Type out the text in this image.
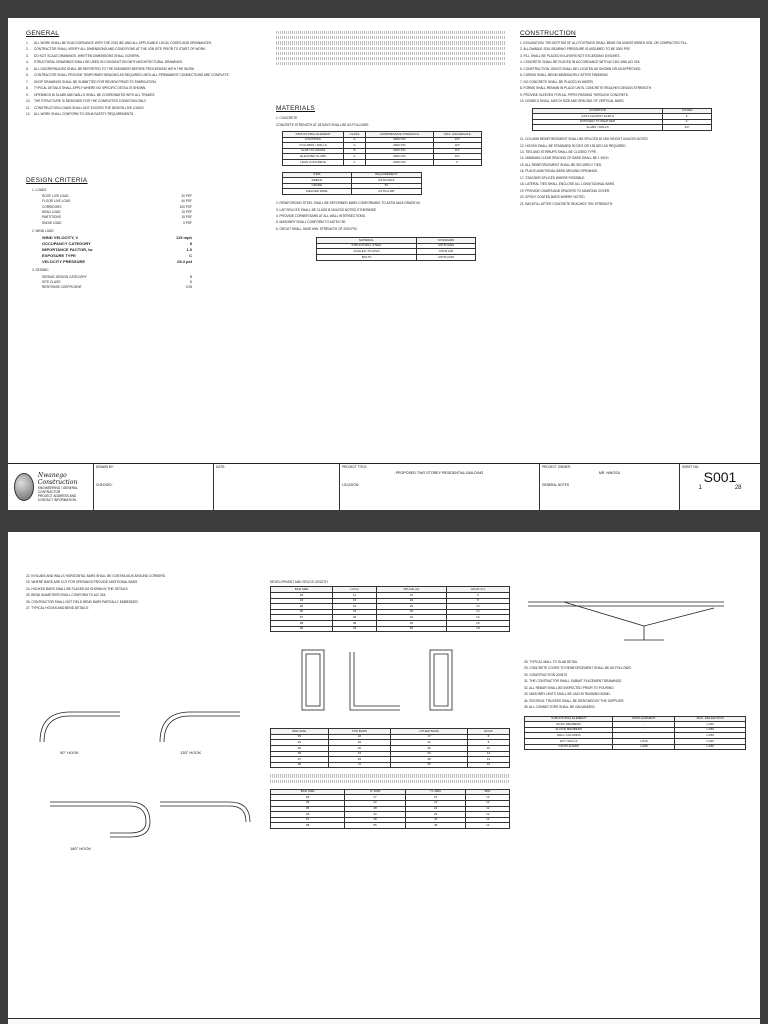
GENERAL
1. ALL WORK SHALL BE IN ACCORDANCE WITH THE 2015 IBC AND ALL APPLICABLE LOCAL CODES AND ORDINANCES.
2. CONTRACTOR SHALL VERIFY ALL DIMENSIONS AND CONDITIONS AT THE JOB SITE PRIOR TO START OF WORK.
3. DO NOT SCALE DRAWINGS. WRITTEN DIMENSIONS SHALL GOVERN.
4. STRUCTURAL DRAWINGS SHALL BE USED IN CONJUNCTION WITH ARCHITECTURAL DRAWINGS.
5. ALL DISCREPANCIES SHALL BE REPORTED TO THE ENGINEER BEFORE PROCEEDING WITH THE WORK.
6. CONTRACTOR SHALL PROVIDE TEMPORARY BRACING AS REQUIRED UNTIL ALL PERMANENT CONNECTIONS ARE COMPLETE.
7. SHOP DRAWINGS SHALL BE SUBMITTED FOR REVIEW PRIOR TO FABRICATION.
8. TYPICAL DETAILS SHALL APPLY WHERE NO SPECIFIC DETAIL IS SHOWN.
9. OPENINGS IN SLABS AND WALLS SHALL BE COORDINATED WITH ALL TRADES.
10. THE STRUCTURE IS DESIGNED FOR THE COMPLETED CONDITION ONLY.
11. CONSTRUCTION LOADS SHALL NOT EXCEED THE DESIGN LIVE LOADS.
12. ALL WORK SHALL CONFORM TO OSHA SAFETY REQUIREMENTS.
DESIGN CRITERIA
1. LOADS
ROOF LIVE LOAD	20 PSF
FLOOR LIVE LOAD	40 PSF
CORRIDORS	100 PSF
DEAD LOAD	15 PSF
PARTITIONS	15 PSF
SNOW LOAD	0 PSF
2. WIND LOAD
WIND VELOCITY, V	115 mph
OCCUPANCY CATEGORY	II
IMPORTANCE FACTOR, Iw	1.0
EXPOSURE TYPE	C
VELOCITY PRESSURE	25.4 psf
3. SEISMIC
SEISMIC DESIGN CATEGORY	B
SITE CLASS	D
RESPONSE COEFFICIENT	0.05
MATERIALS
1. CONCRETE
CONCRETE STRENGTH AT 28 DAYS SHALL BE AS FOLLOWS:
STRUCTURAL ELEMENT	CLASS	COMPRESSIVE STRENGTH	MAX. AGGREGATE
FOOTINGS	A	3000 PSI	3/4"
COLUMNS / WALLS	A	4000 PSI	3/4"
SLAB ON GRADE	B	3000 PSI	3/4"
ELEVATED SLABS	A	4000 PSI	3/4"
LEAN CONCRETE	C	2000 PSI	1"
ITEM	REQUIREMENT
REBAR	ASTM A615
GRADE	60
WELDED WIRE	ASTM A185
2. REINFORCING STEEL SHALL BE DEFORMED BARS CONFORMING TO ASTM A615 GRADE 60.
3. LAP SPLICES SHALL BE CLASS B UNLESS NOTED OTHERWISE.
4. PROVIDE CORNER BARS AT ALL WALL INTERSECTIONS.
5. MASONRY SHALL CONFORM TO ASTM C90.
6. GROUT SHALL HAVE MIN. STRENGTH OF 2000 PSI.
MATERIAL	STANDARD
STRUCTURAL STEEL	ASTM A992
ANGLES / PLATES	ASTM A36
BOLTS	ASTM A325
CONSTRUCTION
1. EXCAVATION: THE BOTTOM OF ALL FOOTINGS SHALL BEAR ON UNDISTURBED SOIL OR COMPACTED FILL.
2. ALLOWABLE SOIL BEARING PRESSURE IS ASSUMED TO BE 2000 PSF.
3. FILL SHALL BE PLACED IN LAYERS NOT EXCEEDING 8 INCHES.
4. CONCRETE SHALL BE PLACED IN ACCORDANCE WITH ACI 301 AND ACI 318.
5. CONSTRUCTION JOINTS SHALL BE LOCATED AS SHOWN OR AS APPROVED.
6. CURING SHALL BEGIN IMMEDIATELY AFTER FINISHING.
7. NO CONCRETE SHALL BE PLACED IN WATER.
8. FORMS SHALL REMAIN IN PLACE UNTIL CONCRETE REACHES DESIGN STRENGTH.
9. PROVIDE SLEEVES FOR ALL PIPES PASSING THROUGH CONCRETE.
10. DOWELS SHALL MATCH SIZE AND SPACING OF VERTICAL BARS.
CONDITION	COVER
CAST AGAINST EARTH	3"
EXPOSED TO WEATHER	2"
SLABS / WALLS	3/4"
11. COLUMN REINFORCEMENT SHALL BE SPLICED AT MID HEIGHT UNLESS NOTED.
12. HOOKS SHALL BE STANDARD 90 DEG OR 135 DEG AS REQUIRED.
13. TIES AND STIRRUPS SHALL BE CLOSED TYPE.
14. MINIMUM CLEAR SPACING OF BARS SHALL BE 1 INCH.
15. ALL REINFORCEMENT SHALL BE SECURELY TIED.
16. PLACE ADDITIONAL BARS AROUND OPENINGS.
17. STAGGER SPLICES WHERE POSSIBLE.
18. LATERAL TIES SHALL ENCLOSE ALL LONGITUDINAL BARS.
19. PROVIDE CHAIRS AND SPACERS TO MAINTAIN COVER.
20. EPOXY COATED BARS WHERE NOTED.
21. BACKFILL AFTER CONCRETE REACHES 75% STRENGTH.
Nwanego Construction
ENGINEERING / GENERAL CONTRACTOR
PROJECT ADDRESS AND CONTACT INFORMATION
DRAWN BY:
CHECKED:
DATE:	PROJECT TITLE:
PROPOSED TWO STOREY RESIDENTIAL BUILDING
LOCATION:
PROJECT OWNER:
MR. NWOSU
GENERAL NOTES
SHEET NO:
S001
1	28
22. IN SLABS AND WALLS HORIZONTAL BARS SHALL BE CONTINUOUS AROUND CORNERS.
23. WHERE BARS ARE CUT FOR OPENINGS PROVIDE ADDITIONAL BARS.
24. HOOKED BARS SHALL BE PLACED AS SHOWN IN THE DETAILS.
25. BEND DIAMETERS SHALL CONFORM TO ACI 318.
26. CONTRACTOR SHALL NOT FIELD BEND BARS PARTIALLY EMBEDDED.
27. TYPICAL HOOKS AND BEND DETAILS:
90° HOOK	135° HOOK
180° HOOK
DEVELOPMENT AND SPLICE LENGTH
BAR SIZE	Ld (in)	SPLICE (in)	HOOK (in)
#3	12	16	6
#4	15	20	8
#5	19	25	10
#6	23	30	12
#7	33	43	14
#8	38	49	16
#9	43	56	18
BAR SIZE	TOP BARS	OTHER BARS	HOOK
#3	22	17	6
#4	29	22	8
#5	36	28	10
#6	43	33	12
#7	63	48	14
#8	72	55	16
BAR SIZE	f'c 3000	f'c 4000	MIN.
#3	17	15	12
#4	22	19	12
#5	28	24	12
#6	33	29	12
#7	48	42	12
#8	55	48	12
28. TYPICAL WALL TO SLAB DETAIL
29. CONCRETE COVER TO REINFORCEMENT SHALL BE AS FOLLOWS:
30. CONSTRUCTION JOINTS
31. THE CONTRACTOR SHALL SUBMIT PLACEMENT DRAWINGS.
32. ALL REBAR SHALL BE INSPECTED PRIOR TO POURING.
33. MASONRY UNITS SHALL BE LAID IN RUNNING BOND.
34. ROOFING: TRUSSES SHALL BE DESIGNED BY THE SUPPLIER.
35. ALL CONNECTORS SHALL BE GALVANIZED.
STRUCTURAL ELEMENT	DISPLACEMENT	MAX. DEFLECTION
ROOF MEMBERS	-	L/240
FLOOR MEMBERS	-	L/360
WALL COLUMNS	-	L/180
EXT. WALLS	L/240	L/240
CANTILEVERS	L/180	L/180
